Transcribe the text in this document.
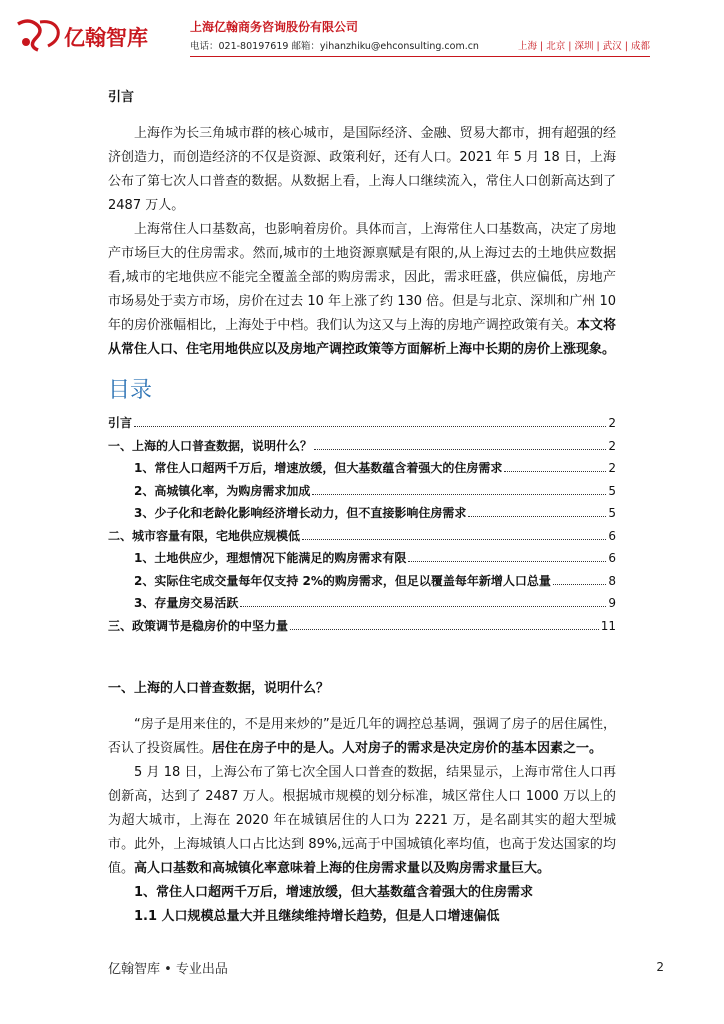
亿翰智库	上海亿翰商务咨询股份有限公司
电话：021-80197619 邮箱：yihanzhiku@ehconsulting.com.cn	上海 | 北京 | 深圳 | 武汉 | 成都

引言

上海作为长三角城市群的核心城市，是国际经济、金融、贸易大都市，拥有超强的经济创造力，而创造经济的不仅是资源、政策利好，还有人口。2021 年 5 月 18 日，上海公布了第七次人口普查的数据。从数据上看，上海人口继续流入，常住人口创新高达到了 2487 万人。

上海常住人口基数高，也影响着房价。具体而言，上海常住人口基数高，决定了房地产市场巨大的住房需求。然而,城市的土地资源禀赋是有限的,从上海过去的土地供应数据看,城市的宅地供应不能完全覆盖全部的购房需求，因此，需求旺盛，供应偏低，房地产市场易处于卖方市场，房价在过去 10 年上涨了约 130 倍。但是与北京、深圳和广州 10 年的房价涨幅相比，上海处于中档。我们认为这又与上海的房地产调控政策有关。本文将从常住人口、住宅用地供应以及房地产调控政策等方面解析上海中长期的房价上涨现象。

目录

引言	2
一、上海的人口普查数据，说明什么？	2
1、常住人口超两千万后，增速放缓，但大基数蕴含着强大的住房需求	2
2、高城镇化率，为购房需求加成	5
3、少子化和老龄化影响经济增长动力，但不直接影响住房需求	5
二、城市容量有限，宅地供应规模低	6
1、土地供应少，理想情况下能满足的购房需求有限	6
2、实际住宅成交量每年仅支持 2%的购房需求，但足以覆盖每年新增人口总量	8
3、存量房交易活跃	9
三、政策调节是稳房价的中坚力量	11

一、上海的人口普查数据，说明什么？

“房子是用来住的，不是用来炒的”是近几年的调控总基调，强调了房子的居住属性，否认了投资属性。居住在房子中的是人。人对房子的需求是决定房价的基本因素之一。

5 月 18 日，上海公布了第七次全国人口普查的数据，结果显示，上海市常住人口再创新高，达到了 2487 万人。根据城市规模的划分标准，城区常住人口 1000 万以上的为超大城市，上海在 2020 年在城镇居住的人口为 2221 万，是名副其实的超大型城市。此外，上海城镇人口占比达到 89%,远高于中国城镇化率均值，也高于发达国家的均值。高人口基数和高城镇化率意味着上海的住房需求量以及购房需求量巨大。

1、常住人口超两千万后，增速放缓，但大基数蕴含着强大的住房需求

1.1 人口规模总量大并且继续维持增长趋势，但是人口增速偏低

亿翰智库 • 专业出品	2
